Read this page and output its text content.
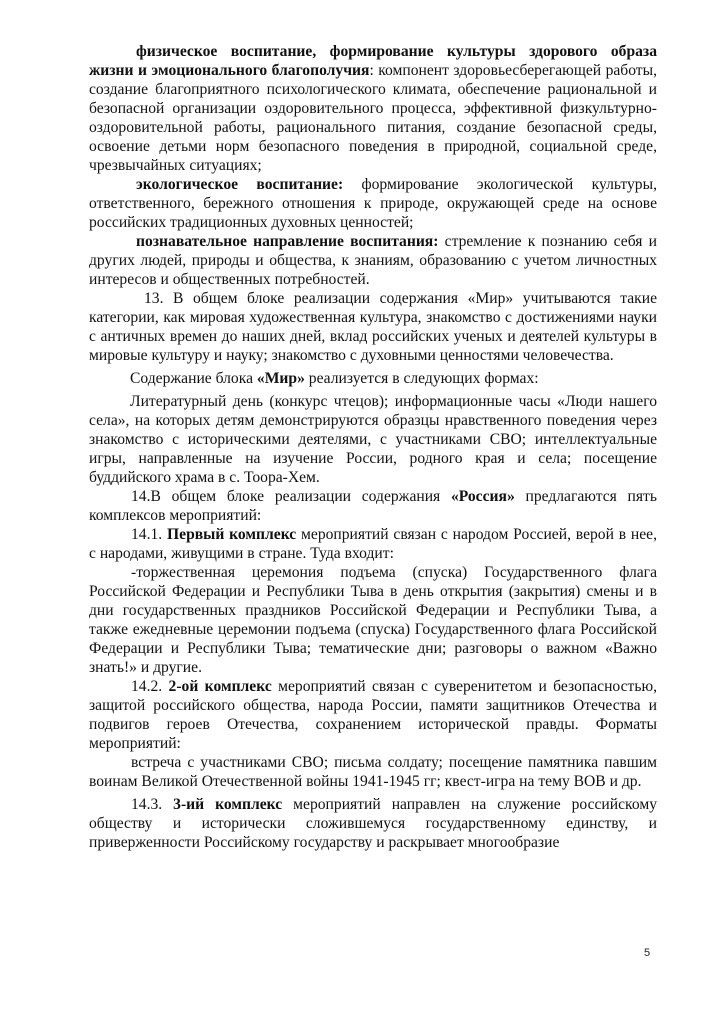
физическое воспитание, формирование культуры здорового образа жизни и эмоционального благополучия: компонент здоровьесберегающей работы, создание благоприятного психологического климата, обеспечение рациональной и безопасной организации оздоровительного процесса, эффективной физкультурно-оздоровительной работы, рационального питания, создание безопасной среды, освоение детьми норм безопасного поведения в природной, социальной среде, чрезвычайных ситуациях;

экологическое воспитание: формирование экологической культуры, ответственного, бережного отношения к природе, окружающей среде на основе российских традиционных духовных ценностей;

познавательное направление воспитания: стремление к познанию себя и других людей, природы и общества, к знаниям, образованию с учетом личностных интересов и общественных потребностей.

13. В общем блоке реализации содержания «Мир» учитываются такие категории, как мировая художественная культура, знакомство с достижениями науки с античных времен до наших дней, вклад российских ученых и деятелей культуры в мировые культуру и науку; знакомство с духовными ценностями человечества.

Содержание блока «Мир» реализуется в следующих формах:

Литературный день (конкурс чтецов); информационные часы «Люди нашего села», на которых детям демонстрируются образцы нравственного поведения через знакомство с историческими деятелями, с участниками СВО; интеллектуальные игры, направленные на изучение России, родного края и села; посещение буддийского храма в с. Тоора-Хем.

14.В общем блоке реализации содержания «Россия» предлагаются пять комплексов мероприятий:

14.1. Первый комплекс мероприятий связан с народом Россией, верой в нее, с народами, живущими в стране. Туда входит:

-торжественная церемония подъема (спуска) Государственного флага Российской Федерации и Республики Тыва в день открытия (закрытия) смены и в дни государственных праздников Российской Федерации и Республики Тыва, а также ежедневные церемонии подъема (спуска) Государственного флага Российской Федерации и Республики Тыва; тематические дни; разговоры о важном «Важно знать!» и другие.

14.2. 2-ой комплекс мероприятий связан с суверенитетом и безопасностью, защитой российского общества, народа России, памяти защитников Отечества и подвигов героев Отечества, сохранением исторической правды. Форматы мероприятий:

встреча с участниками СВО; письма солдату; посещение памятника павшим воинам Великой Отечественной войны 1941-1945 гг; квест-игра на тему ВОВ и др.

14.3. 3-ий комплекс мероприятий направлен на служение российскому обществу и исторически сложившемуся государственному единству, и приверженности Российскому государству и раскрывает многообразие

5
